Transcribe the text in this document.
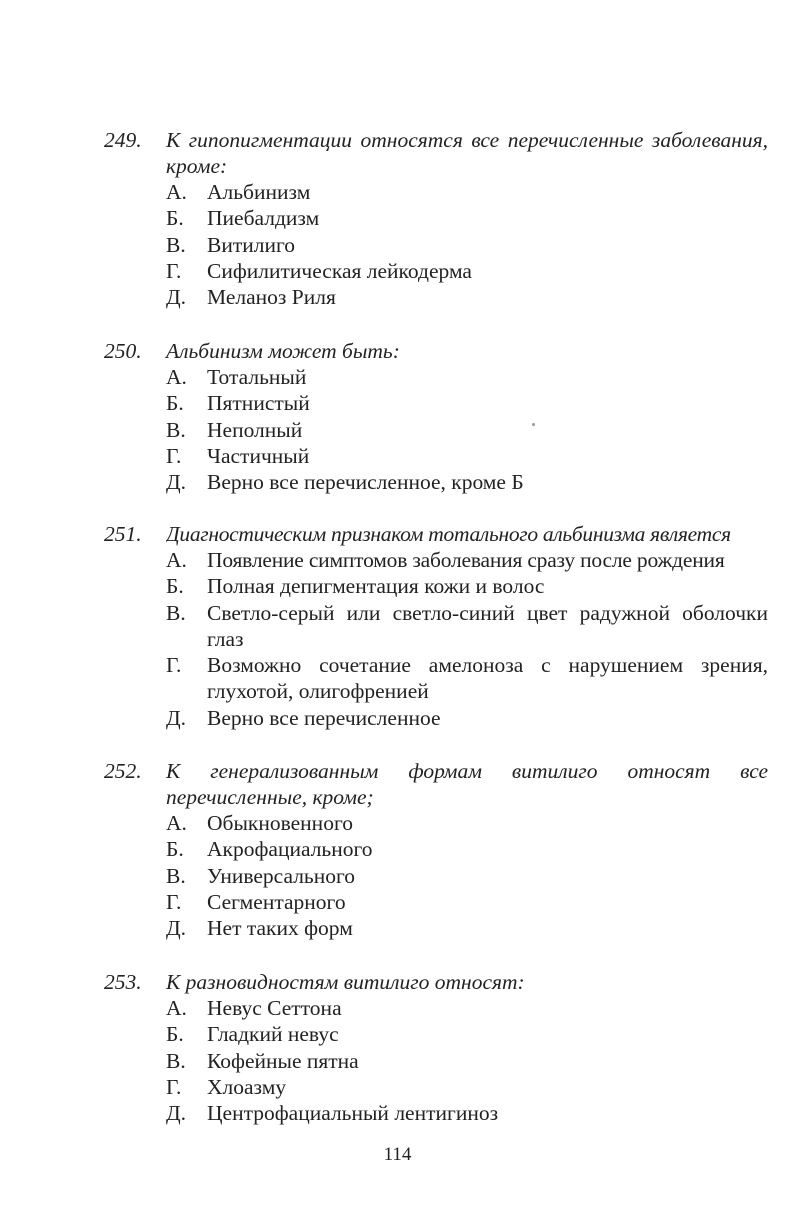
249. К гипопигментации относятся все перечисленные заболевания, кроме:
А. Альбинизм
Б. Пиебалдизм
В. Витилиго
Г. Сифилитическая лейкодерма
Д. Меланоз Риля
250. Альбинизм может быть:
А. Тотальный
Б. Пятнистый
В. Неполный
Г. Частичный
Д. Верно все перечисленное, кроме Б
251. Диагностическим признаком тотального альбинизма является
А. Появление симптомов заболевания сразу после рождения
Б. Полная депигментация кожи и волос
В. Светло-серый или светло-синий цвет радужной оболочки глаз
Г. Возможно сочетание амелоноза с нарушением зрения, глухотой, олигофренией
Д. Верно все перечисленное
252. К генерализованным формам витилиго относят все перечисленные, кроме;
А. Обыкновенного
Б. Акрофациального
В. Универсального
Г. Сегментарного
Д. Нет таких форм
253. К разновидностям витилиго относят:
А. Невус Сеттона
Б. Гладкий невус
В. Кофейные пятна
Г. Хлоазму
Д. Центрофациальный лентигиноз
114
